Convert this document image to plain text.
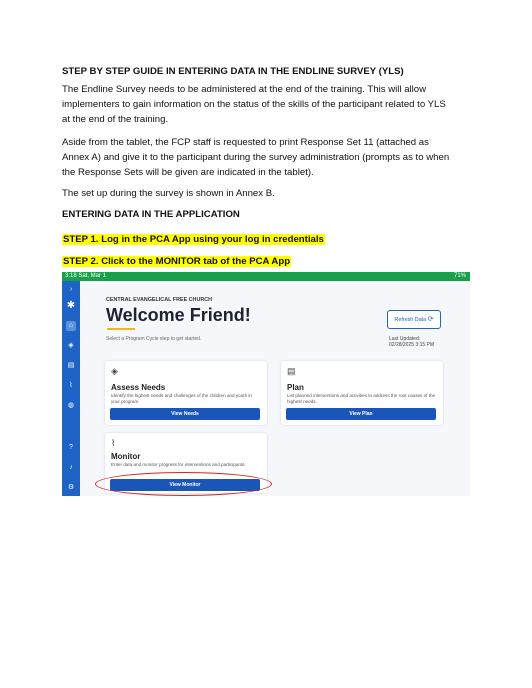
STEP BY STEP GUIDE IN ENTERING DATA IN THE ENDLINE SURVEY (YLS)
The Endline Survey needs to be administered at the end of the training. This will allow
implementers to gain information on the status of the skills of the participant related to YLS
at the end of the training.
Aside from the tablet, the FCP staff is requested to print Response Set 11 (attached as
Annex A) and give it to the participant during the survey administration (prompts as to when
the Response Sets will be given are indicated in the tablet).
The set up during the survey is shown in Annex B.
ENTERING DATA IN THE APPLICATION
STEP 1. Log in the PCA App using your log in credentials
STEP 2. Click to the MONITOR tab of the PCA App
3:18 Sat, Mar 1	71%
›
✱
⌂
◈
▤
⌇
◍
?
♪
⚙
CENTRAL EVANGELICAL FREE CHURCH
Welcome Friend!
Select a Program Cycle step to get started.
Refresh Data ⟳
Last Updated:
02/28/2025 3:15 PM
◈
Assess Needs
Identify the highest needs and challenges of the children and youth in your program.
View Needs
▤
Plan
List planned interventions and activities to address the root causes of the highest needs.
View Plan
⌇
Monitor
Enter data and monitor progress for interventions and participants.
View Monitor
